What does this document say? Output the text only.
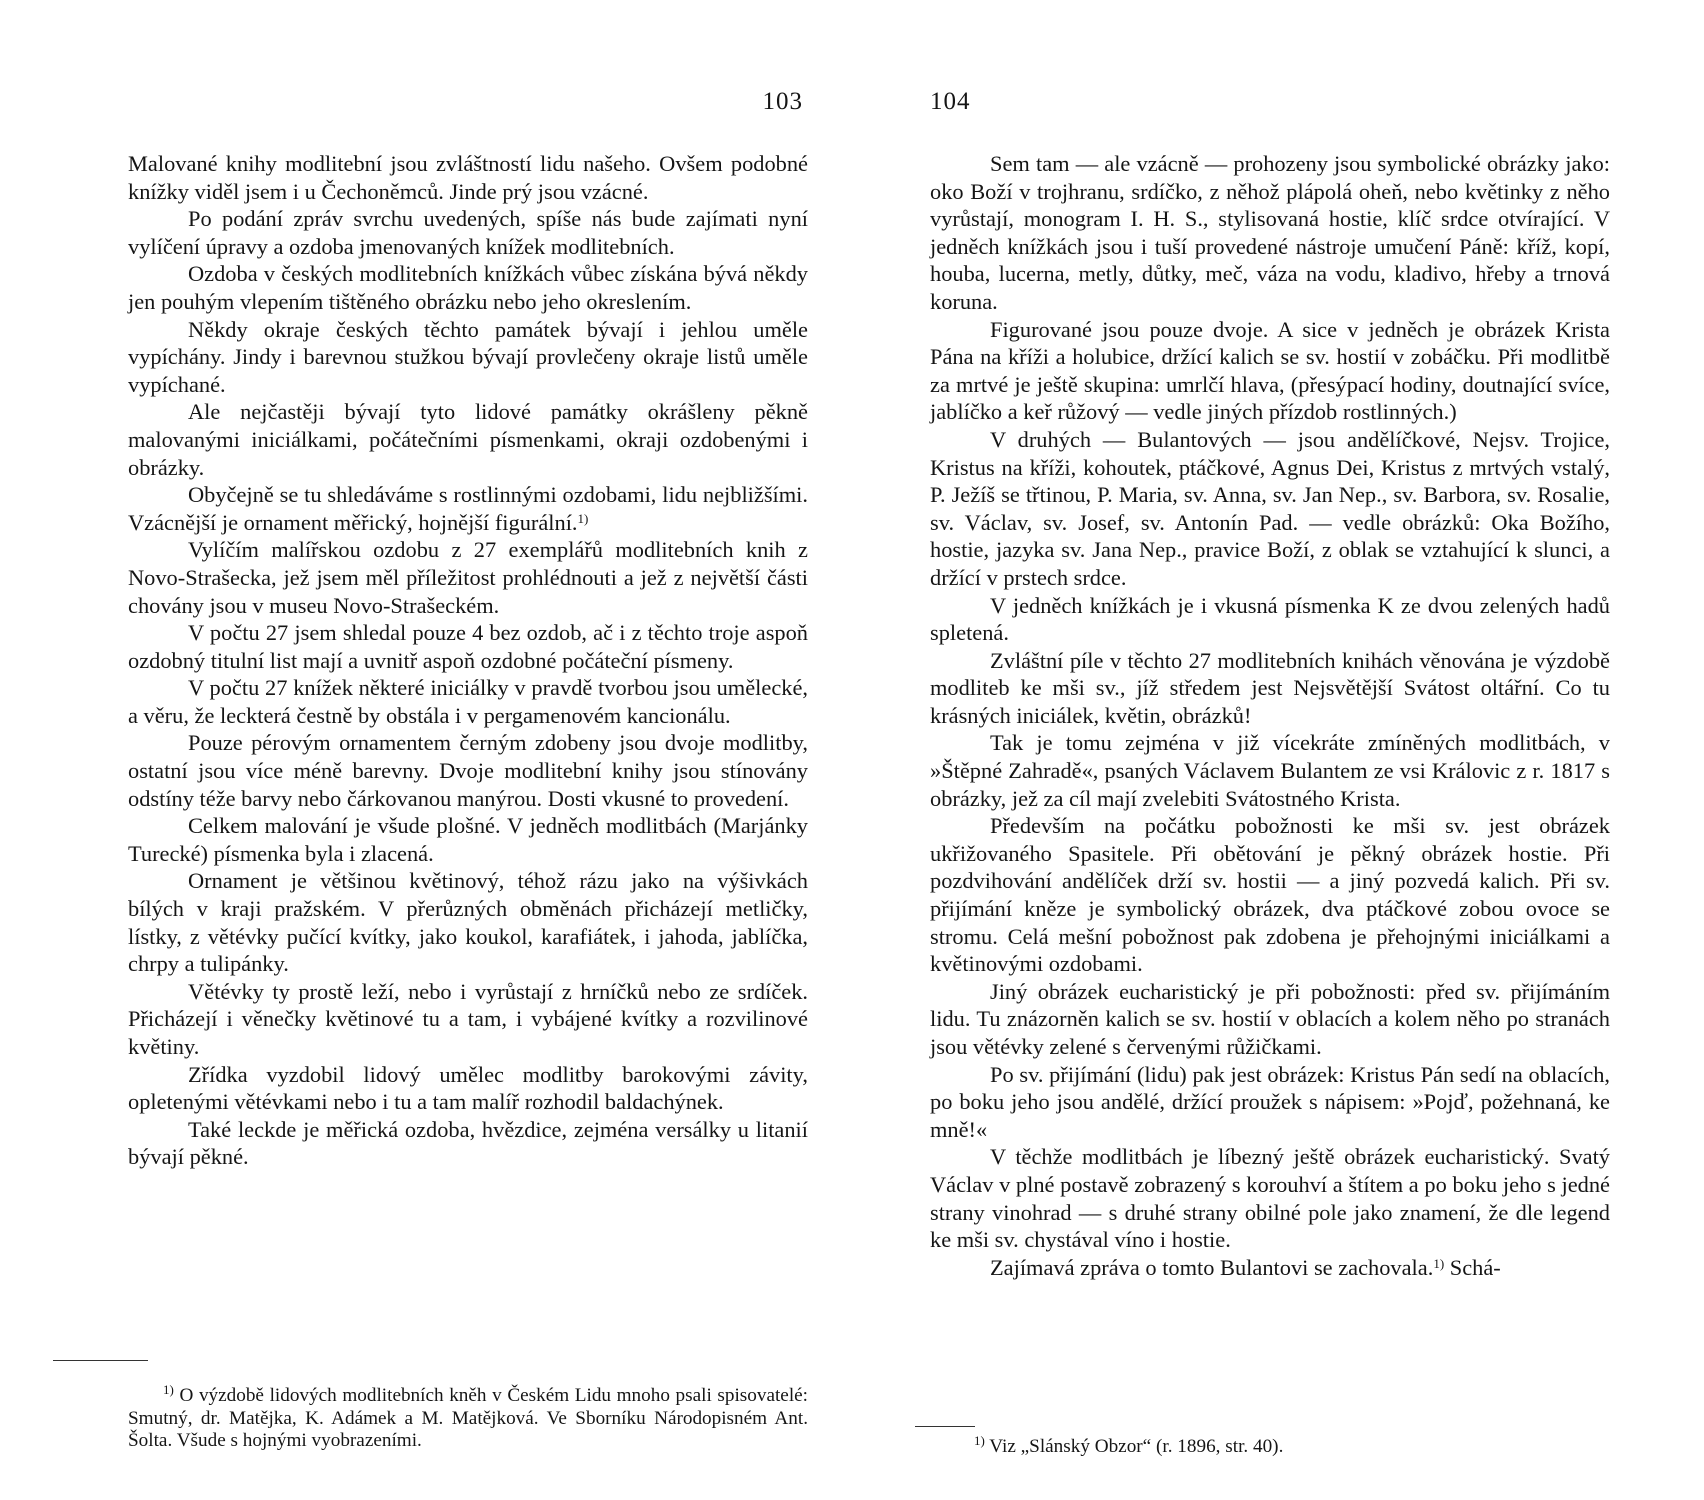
103

Malované knihy modlitební jsou zvláštností lidu našeho. Ovšem podobné knížky viděl jsem i u Čechoněmců. Jinde prý jsou vzácné.

Po podání zpráv svrchu uvedených, spíše nás bude zajímati nyní vylíčení úpravy a ozdoba jmenovaných knížek modlitebních.

Ozdoba v českých modlitebních knížkách vůbec získána bývá někdy jen pouhým vlepením tištěného obrázku nebo jeho okreslením.

Někdy okraje českých těchto památek bývají i jehlou uměle vypíchány. Jindy i barevnou stužkou bývají provlečeny okraje listů uměle vypíchané.

Ale nejčastěji bývají tyto lidové památky okrášleny pěkně malovanými iniciálkami, počátečními písmenkami, okraji ozdobenými i obrázky.

Obyčejně se tu shledáváme s rostlinnými ozdobami, lidu nejbližšími. Vzácnější je ornament měřický, hojnější figurální.$^{1)}$

Vylíčím malířskou ozdobu z 27 exemplářů modlitebních knih z Novo-Strašecka, jež jsem měl příležitost prohlédnouti a jež z největší části chovány jsou v museu Novo-Strašeckém.

V počtu 27 jsem shledal pouze 4 bez ozdob, ač i z těchto troje aspoň ozdobný titulní list mají a uvnitř aspoň ozdobné počáteční písmeny.

V počtu 27 knížek některé iniciálky v pravdě tvorbou jsou umělecké, a věru, že leckterá čestně by obstála i v pergamenovém kancionálu.

Pouze pérovým ornamentem černým zdobeny jsou dvoje modlitby, ostatní jsou více méně barevny. Dvoje modlitební knihy jsou stínovány odstíny téže barvy nebo čárkovanou manýrou. Dosti vkusné to provedení.

Celkem malování je všude plošné. V jedněch modlitbách (Marjánky Turecké) písmenka byla i zlacená.

Ornament je většinou květinový, téhož rázu jako na výšivkách bílých v kraji pražském. V přerůzných obměnách přicházejí metličky, lístky, z větévky pučící kvítky, jako koukol, karafiátek, i jahoda, jablíčka, chrpy a tulipánky.

Větévky ty prostě leží, nebo i vyrůstají z hrníčků nebo ze srdíček. Přicházejí i věnečky květinové tu a tam, i vybájené kvítky a rozvilinové květiny.

Zřídka vyzdobil lidový umělec modlitby barokovými závity, opletenými větévkami nebo i tu a tam malíř rozhodil baldachýnek.

Také leckde je měřická ozdoba, hvězdice, zejména versálky u litanií bývají pěkné.

$^{1)}$ O výzdobě lidových modlitebních kněh v Českém Lidu mnoho psali spisovatelé: Smutný, dr. Matějka, K. Adámek a M. Matějková. Ve Sborníku Národopisném Ant. Šolta. Všude s hojnými vyobrazeními.
104

Sem tam — ale vzácně — prohozeny jsou symbolické obrázky jako: oko Boží v trojhranu, srdíčko, z něhož plápolá oheň, nebo květinky z něho vyrůstají, monogram I. H. S., stylisovaná hostie, klíč srdce otvírající. V jedněch knížkách jsou i tuší provedené nástroje umučení Páně: kříž, kopí, houba, lucerna, metly, důtky, meč, váza na vodu, kladivo, hřeby a trnová koruna.

Figurované jsou pouze dvoje. A sice v jedněch je obrázek Krista Pána na kříži a holubice, držící kalich se sv. hostií v zobáčku. Při modlitbě za mrtvé je ještě skupina: umrlčí hlava, (přesýpací hodiny, doutnající svíce, jablíčko a keř růžový — vedle jiných přízdob rostlinných.)

V druhých — Bulantových — jsou andělíčkové, Nejsv. Trojice, Kristus na kříži, kohoutek, ptáčkové, Agnus Dei, Kristus z mrtvých vstalý, P. Ježíš se třtinou, P. Maria, sv. Anna, sv. Jan Nep., sv. Barbora, sv. Rosalie, sv. Václav, sv. Josef, sv. Antonín Pad. — vedle obrázků: Oka Božího, hostie, jazyka sv. Jana Nep., pravice Boží, z oblak se vztahující k slunci, a držící v prstech srdce.

V jedněch knížkách je i vkusná písmenka K ze dvou zelených hadů spletená.

Zvláštní píle v těchto 27 modlitebních knihách věnována je výzdobě modliteb ke mši sv., jíž středem jest Nejsvětější Svátost oltářní. Co tu krásných iniciálek, květin, obrázků!

Tak je tomu zejména v již vícekráte zmíněných modlitbách, v »Štěpné Zahradě«, psaných Václavem Bulantem ze vsi Královic z r. 1817 s obrázky, jež za cíl mají zvelebiti Svátostného Krista.

Především na počátku pobožnosti ke mši sv. jest obrázek ukřižovaného Spasitele. Při obětování je pěkný obrázek hostie. Při pozdvihování andělíček drží sv. hostii — a jiný pozvedá kalich. Při sv. přijímání kněze je symbolický obrázek, dva ptáčkové zobou ovoce se stromu. Celá mešní pobožnost pak zdobena je přehojnými iniciálkami a květinovými ozdobami.

Jiný obrázek eucharistický je při pobožnosti: před sv. přijímáním lidu. Tu znázorněn kalich se sv. hostií v oblacích a kolem něho po stranách jsou větévky zelené s červenými růžičkami.

Po sv. přijímání (lidu) pak jest obrázek: Kristus Pán sedí na oblacích, po boku jeho jsou andělé, držící proužek s nápisem: »Pojď, požehnaná, ke mně!«

V těchže modlitbách je líbezný ještě obrázek eucharistický. Svatý Václav v plné postavě zobrazený s korouhví a štítem a po boku jeho s jedné strany vinohrad — s druhé strany obilné pole jako znamení, že dle legend ke mši sv. chystával víno i hostie.

Zajímavá zpráva o tomto Bulantovi se zachovala.$^{1)}$ Schá-

$^{1)}$ Viz „Slánský Obzor“ (r. 1896, str. 40).
